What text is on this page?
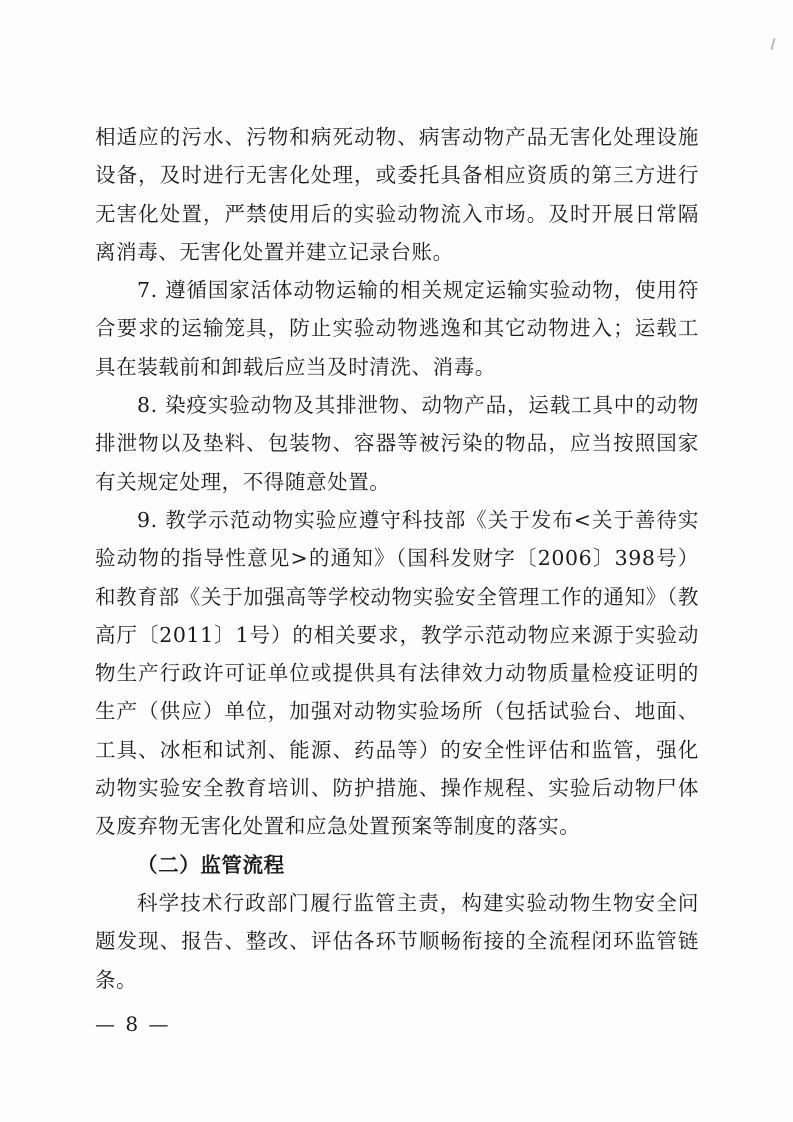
相适应的污水、污物和病死动物、病害动物产品无害化处理设施设备，及时进行无害化处理，或委托具备相应资质的第三方进行无害化处置，严禁使用后的实验动物流入市场。及时开展日常隔离消毒、无害化处置并建立记录台账。

7. 遵循国家活体动物运输的相关规定运输实验动物，使用符合要求的运输笼具，防止实验动物逃逸和其它动物进入；运载工具在装载前和卸载后应当及时清洗、消毒。

8. 染疫实验动物及其排泄物、动物产品，运载工具中的动物排泄物以及垫料、包装物、容器等被污染的物品，应当按照国家有关规定处理，不得随意处置。

9. 教学示范动物实验应遵守科技部《关于发布<关于善待实验动物的指导性意见>的通知》（国科发财字〔2006〕398号）和教育部《关于加强高等学校动物实验安全管理工作的通知》（教高厅〔2011〕1号）的相关要求，教学示范动物应来源于实验动物生产行政许可证单位或提供具有法律效力动物质量检疫证明的生产（供应）单位，加强对动物实验场所（包括试验台、地面、工具、冰柜和试剂、能源、药品等）的安全性评估和监管，强化动物实验安全教育培训、防护措施、操作规程、实验后动物尸体及废弃物无害化处置和应急处置预案等制度的落实。

（二）监管流程

科学技术行政部门履行监管主责，构建实验动物生物安全问题发现、报告、整改、评估各环节顺畅衔接的全流程闭环监管链条。

— 8 —
